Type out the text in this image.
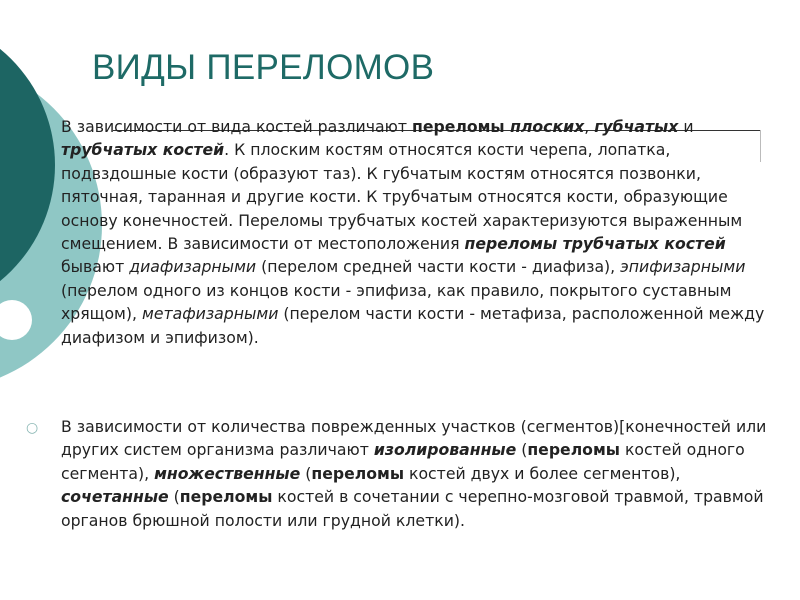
ВИДЫ ПЕРЕЛОМОВ

В зависимости от вида костей различают переломы плоских, губчатых и трубчатых костей. К плоским костям относятся кости черепа, лопатка, подвздошные кости (образуют таз). К губчатым костям относятся позвонки, пяточная, таранная и другие кости. К трубчатым относятся кости, образующие основу конечностей. Переломы трубчатых костей характеризуются выраженным смещением. В зависимости от местоположения переломы трубчатых костей бывают диафизарными (перелом средней части кости - диафиза), эпифизарными (перелом одного из концов кости - эпифиза, как правило, покрытого суставным хрящом), метафизарными (перелом части кости - метафиза, расположенной между диафизом и эпифизом).

○ В зависимости от количества поврежденных участков (сегментов)[конечностей или других систем организма различают изолированные (переломы костей одного сегмента), множественные (переломы костей двух и более сегментов), сочетанные (переломы костей в сочетании с черепно-мозговой травмой, травмой органов брюшной полости или грудной клетки).
